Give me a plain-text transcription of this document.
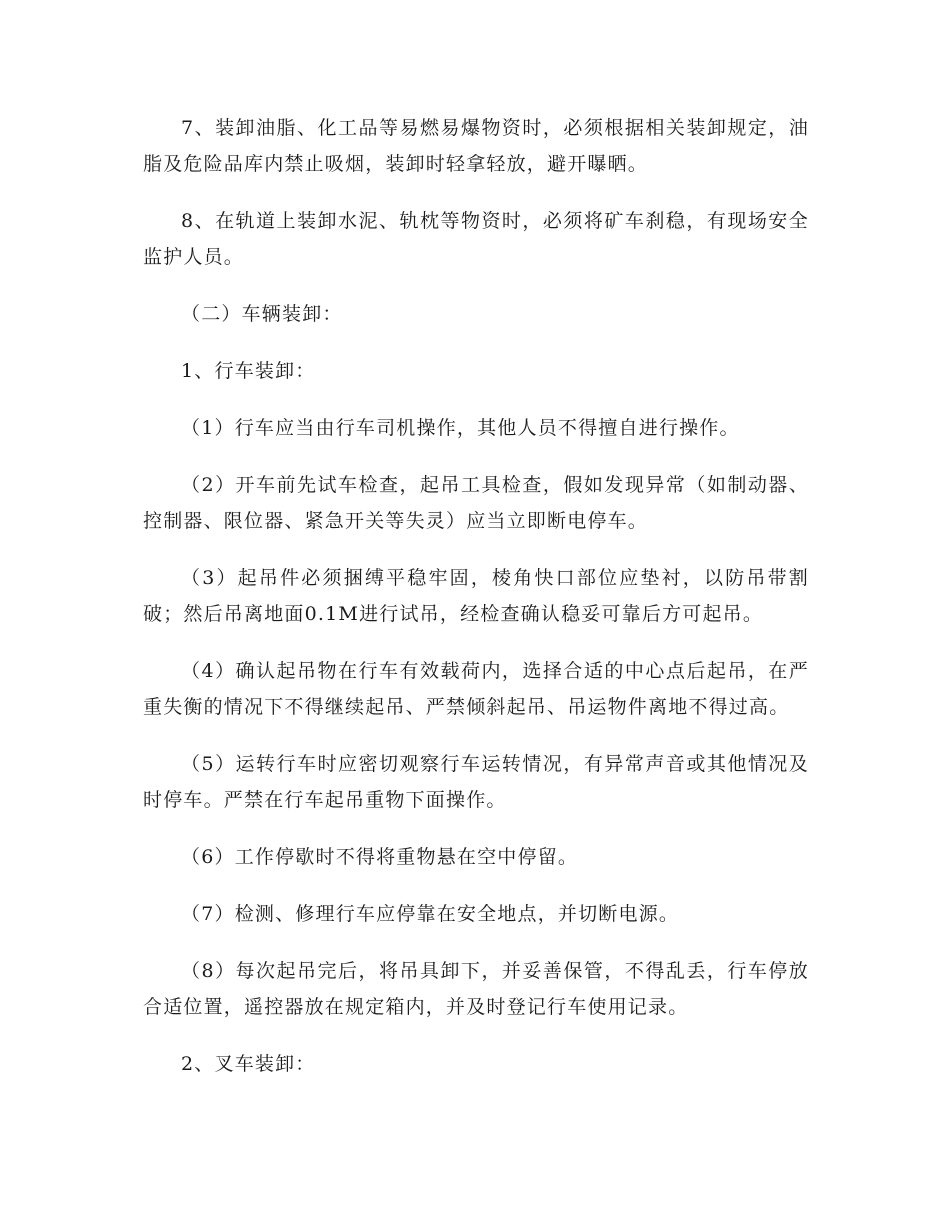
7、装卸油脂、化工品等易燃易爆物资时，必须根据相关装卸规定，油脂及危险品库内禁止吸烟，装卸时轻拿轻放，避开曝晒。

8、在轨道上装卸水泥、轨枕等物资时，必须将矿车刹稳，有现场安全监护人员。

（二）车辆装卸：

1、行车装卸：

（1）行车应当由行车司机操作，其他人员不得擅自进行操作。

（2）开车前先试车检查，起吊工具检查，假如发现异常（如制动器、控制器、限位器、紧急开关等失灵）应当立即断电停车。

（3）起吊件必须捆缚平稳牢固，棱角快口部位应垫衬，以防吊带割破；然后吊离地面0.1M进行试吊，经检查确认稳妥可靠后方可起吊。

（4）确认起吊物在行车有效载荷内，选择合适的中心点后起吊，在严重失衡的情况下不得继续起吊、严禁倾斜起吊、吊运物件离地不得过高。

（5）运转行车时应密切观察行车运转情况，有异常声音或其他情况及时停车。严禁在行车起吊重物下面操作。

（6）工作停歇时不得将重物悬在空中停留。

（7）检测、修理行车应停靠在安全地点，并切断电源。

（8）每次起吊完后，将吊具卸下，并妥善保管，不得乱丢，行车停放合适位置，遥控器放在规定箱内，并及时登记行车使用记录。

2、叉车装卸：
